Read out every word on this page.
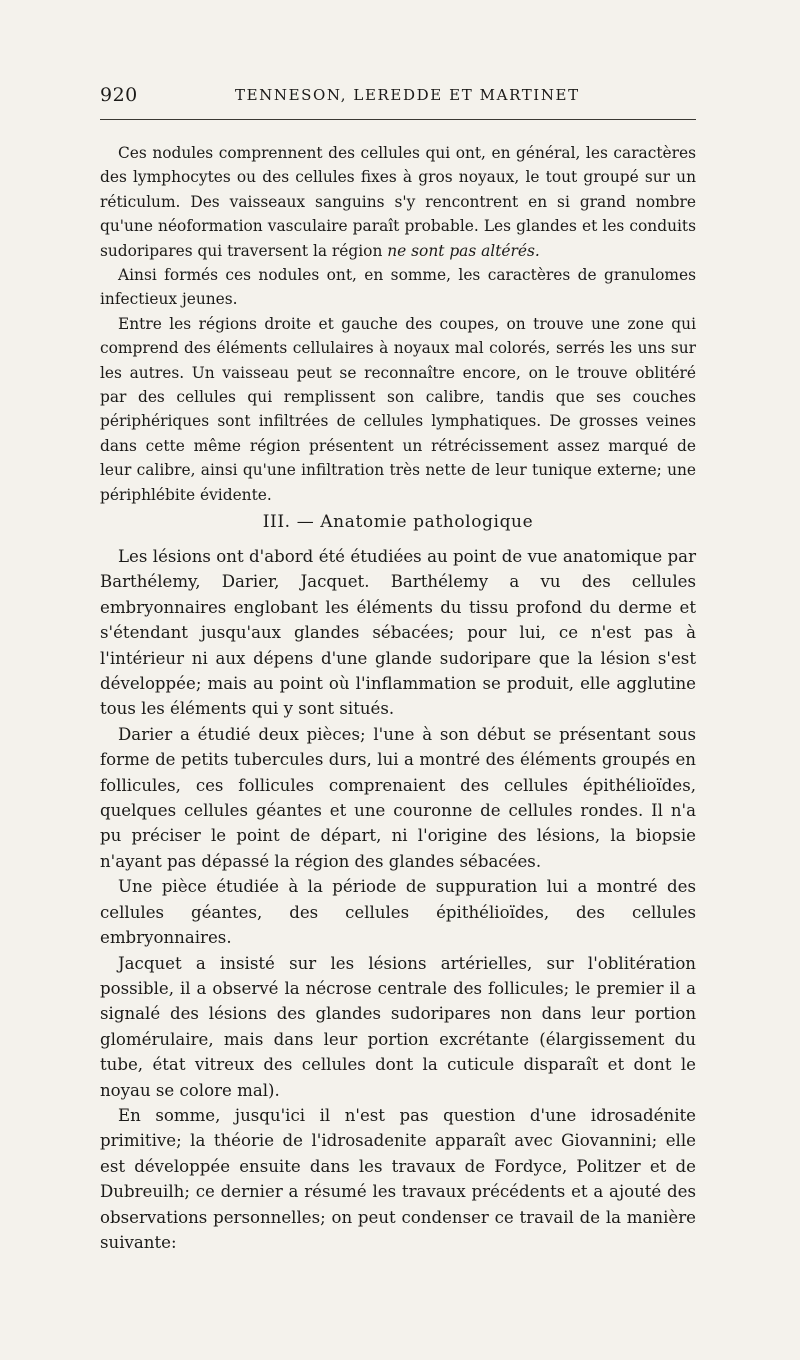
920	TENNESON, LEREDDE ET MARTINET

Ces nodules comprennent des cellules qui ont, en général, les caractères des lymphocytes ou des cellules fixes à gros noyaux, le tout groupé sur un réticulum. Des vaisseaux sanguins s'y rencontrent en si grand nombre qu'une néoformation vasculaire paraît probable. Les glandes et les conduits sudoripares qui traversent la région ne sont pas altérés.

Ainsi formés ces nodules ont, en somme, les caractères de granulomes infectieux jeunes.

Entre les régions droite et gauche des coupes, on trouve une zone qui comprend des éléments cellulaires à noyaux mal colorés, serrés les uns sur les autres. Un vaisseau peut se reconnaître encore, on le trouve oblitéré par des cellules qui remplissent son calibre, tandis que ses couches périphériques sont infiltrées de cellules lymphatiques. De grosses veines dans cette même région présentent un rétrécissement assez marqué de leur calibre, ainsi qu'une infiltration très nette de leur tunique externe; une périphlébite évidente.

III. — Anatomie pathologique

Les lésions ont d'abord été étudiées au point de vue anatomique par Barthélemy, Darier, Jacquet. Barthélemy a vu des cellules embryonnaires englobant les éléments du tissu profond du derme et s'étendant jusqu'aux glandes sébacées; pour lui, ce n'est pas à l'intérieur ni aux dépens d'une glande sudoripare que la lésion s'est développée; mais au point où l'inflammation se produit, elle agglutine tous les éléments qui y sont situés.

Darier a étudié deux pièces; l'une à son début se présentant sous forme de petits tubercules durs, lui a montré des éléments groupés en follicules, ces follicules comprenaient des cellules épithélioïdes, quelques cellules géantes et une couronne de cellules rondes. Il n'a pu préciser le point de départ, ni l'origine des lésions, la biopsie n'ayant pas dépassé la région des glandes sébacées.

Une pièce étudiée à la période de suppuration lui a montré des cellules géantes, des cellules épithélioïdes, des cellules embryonnaires.

Jacquet a insisté sur les lésions artérielles, sur l'oblitération possible, il a observé la nécrose centrale des follicules; le premier il a signalé des lésions des glandes sudoripares non dans leur portion glomérulaire, mais dans leur portion excrétante (élargissement du tube, état vitreux des cellules dont la cuticule disparaît et dont le noyau se colore mal).

En somme, jusqu'ici il n'est pas question d'une idrosadénite primitive; la théorie de l'idrosadenite apparaît avec Giovannini; elle est développée ensuite dans les travaux de Fordyce, Politzer et de Dubreuilh; ce dernier a résumé les travaux précédents et a ajouté des observations personnelles; on peut condenser ce travail de la manière suivante:
